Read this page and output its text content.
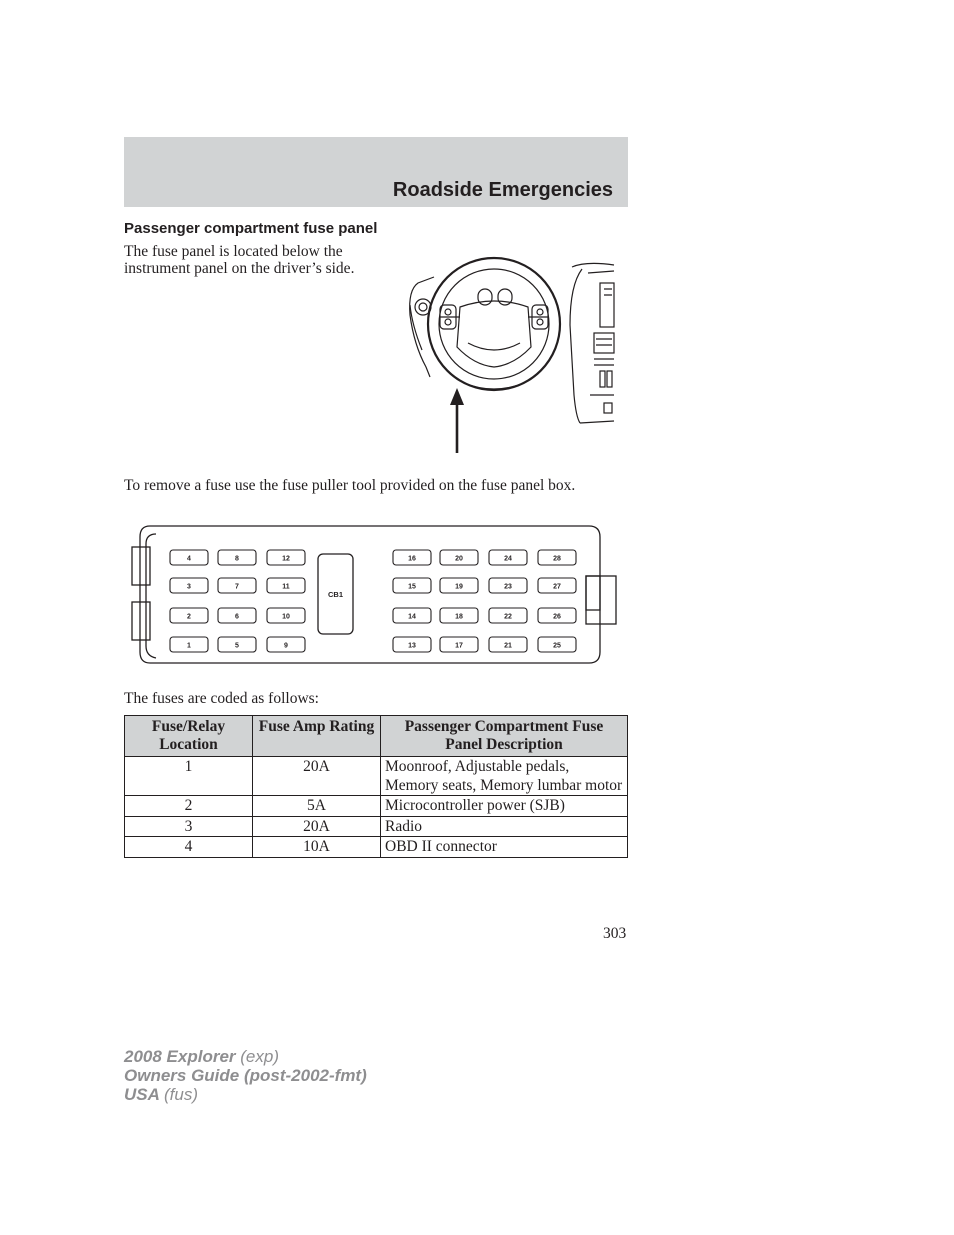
Roadside Emergencies
Passenger compartment fuse panel
The fuse panel is located below the instrument panel on the driver’s side.
To remove a fuse use the fuse puller tool provided on the fuse panel box.
4	8	12
3	7	11
2	6	10
1	5	9
16	20	24	28
15	19	23	27
14	18	22	26
13	17	21	25
CB1
The fuses are coded as follows:
Fuse/Relay Location	Fuse Amp Rating	Passenger Compartment Fuse Panel Description
1	20A	Moonroof, Adjustable pedals, Memory seats, Memory lumbar motor
2	5A	Microcontroller power (SJB)
3	20A	Radio
4	10A	OBD II connector
303
2008 Explorer (exp)
Owners Guide (post-2002-fmt)
USA (fus)
